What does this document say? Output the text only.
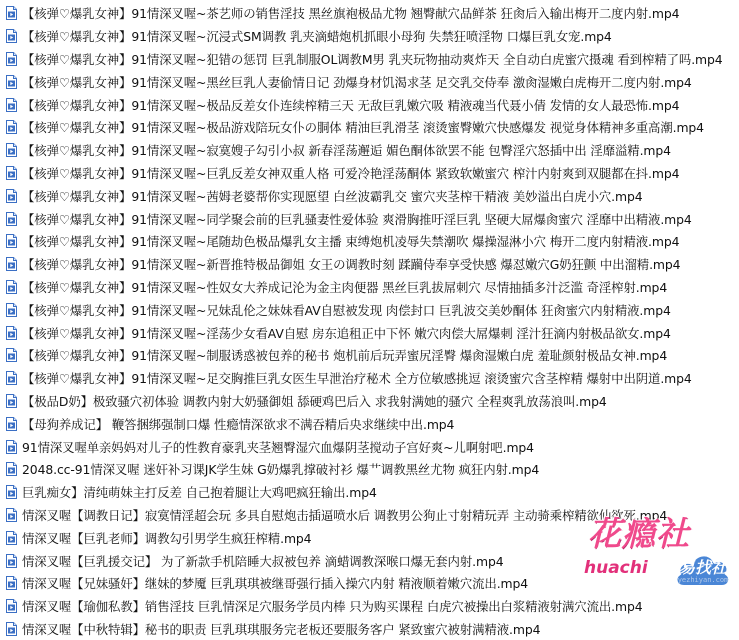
【核弹♡爆乳女神】91情深叉喔~茶艺师の销售淫技 黑丝旗袍极品尤物 翘臀献穴品鲜茶 狂肏后入输出梅开二度内射.mp4
【核弹♡爆乳女神】91情深叉喔~沉浸式SM调教 乳夹滴蜡炮机抓眼小母狗 失禁狂喷淫物 口爆巨乳女宠.mp4
【核弹♡爆乳女神】91情深叉喔~犯错の惩罚 巨乳制服OL调教M男 乳夹玩物抽动爽炸天 全自动白虎蜜穴摄魂 看到榨精了吗.mp4
【核弹♡爆乳女神】91情深叉喔~黑丝巨乳人妻偷情日记 劲爆身材饥渴求茎 足交乳交侍奉 激肏湿嫩白虎梅开二度内射.mp4
【核弹♡爆乳女神】91情深叉喔~极品反差女仆连续榨精三天 无敌巨乳嫩穴吸 精液魂当代聂小倩 发情的女人最恐怖.mp4
【核弹♡爆乳女神】91情深叉喔~极品游戏陪玩女仆の胴体 精油巨乳滑茎 滚烫蜜臀嫩穴快感爆发 视觉身体精神多重高潮.mp4
【核弹♡爆乳女神】91情深叉喔~寂寞嫂子勾引小叔 新春淫荡邂逅 媚色酮体欲罢不能 包臀淫穴怒插中出 淫靡溢精.mp4
【核弹♡爆乳女神】91情深叉喔~巨乳反差女神双重人格 可爱冷艳淫荡酮体 紧致软嫩蜜穴 榨汁内射爽到双腿都在抖.mp4
【核弹♡爆乳女神】91情深叉喔~茜姆老婆帮你实现愿望 白丝波霸乳交 蜜穴夹茎榨干精液 美妙溢出白虎小穴.mp4
【核弹♡爆乳女神】91情深叉喔~同学聚会前的巨乳骚妻性爱体验 爽滑胸推吁淫巨乳 坚硬大屌爆肏蜜穴 淫靡中出精液.mp4
【核弹♡爆乳女神】91情深叉喔~尾随劫色极品爆乳女主播 束缚炮机凌辱失禁潮吹 爆操湿淋小穴 梅开二度内射精液.mp4
【核弹♡爆乳女神】91情深叉喔~新晋推特极品御姐 女王の调教时刻 蹂躏侍奉享受快感 爆怼嫩穴G奶狂颤 中出溜精.mp4
【核弹♡爆乳女神】91情深叉喔~性奴女大养成记沦为金主肉便器 黑丝巨乳拔屌刺穴 尽情抽插多汁泛滥 奇淫榨射.mp4
【核弹♡爆乳女神】91情深叉喔~兄妹乱伦之妹妹看AV自慰被发现 肉偿封口 巨乳波交美妙酮体 狂肏蜜穴内射精液.mp4
【核弹♡爆乳女神】91情深叉喔~淫荡少女看AV自慰 房东追租正中下怀 嫩穴肉偿大屌爆刺 淫汁狂滴内射极品欲女.mp4
【核弹♡爆乳女神】91情深叉喔~制服诱惑被包养的秘书 炮机前后玩弄蜜尻淫臀 爆肏湿嫩白虎 羞耻颜射极品女神.mp4
【核弹♡爆乳女神】91情深叉喔~足交胸推巨乳女医生早泄治疗秘术 全方位敏感挑逗 滚烫蜜穴含茎榨精 爆射中出阴道.mp4
【极品D奶】极致骚穴初体验 调教内射大奶骚御姐 舔硬鸡巴后入 求我射满她的骚穴 全程爽乳放荡浪叫.mp4
【母狗养成记】 鞭答捆绑强制口爆 性瘾情深欲求不满吞精后央求继续中出.mp4
91情深叉喔单亲妈妈对儿子的性教育豪乳夹茎翘臀湿穴血爆阴茎搅动子宫好爽~儿啊射吧.mp4
2048.cc-91情深叉喔 迷奸补习课JK学生妹 G奶爆乳撑破衬衫 爆艹调教黑丝尤物 疯狂内射.mp4
巨乳痴女】清纯萌妹主打反差 自己抱着腿让大鸡吧疯狂输出.mp4
情深叉喔【调教日记】寂寞情淫超会玩 多具自慰炮击插逼喷水后 调教男公狗止寸射精玩弄 主动骑乘榨精欲仙欲死.mp4
情深叉喔【巨乳老师】调教勾引男学生疯狂榨精.mp4
情深叉喔【巨乳援交记】 为了新款手机陪睡大叔被包养 滴蜡调教深喉口爆无套内射.mp4
情深叉喔【兄妹骚奸】继妹的梦魇 巨乳琪琪被继哥强行插入操穴内射 精液顺着嫩穴流出.mp4
情深叉喔【瑜伽私教】销售淫技 巨乳情深足穴服务学员内棒 只为购买课程 白虎穴被操出白浆精液射满穴流出.mp4
情深叉喔【中秋特辑】秘书的职责 巨乳琪琪服务完老板还要服务客户 紧致蜜穴被射满精液.mp4
花瘾社
huachi	易找社
yezhiyan.com
